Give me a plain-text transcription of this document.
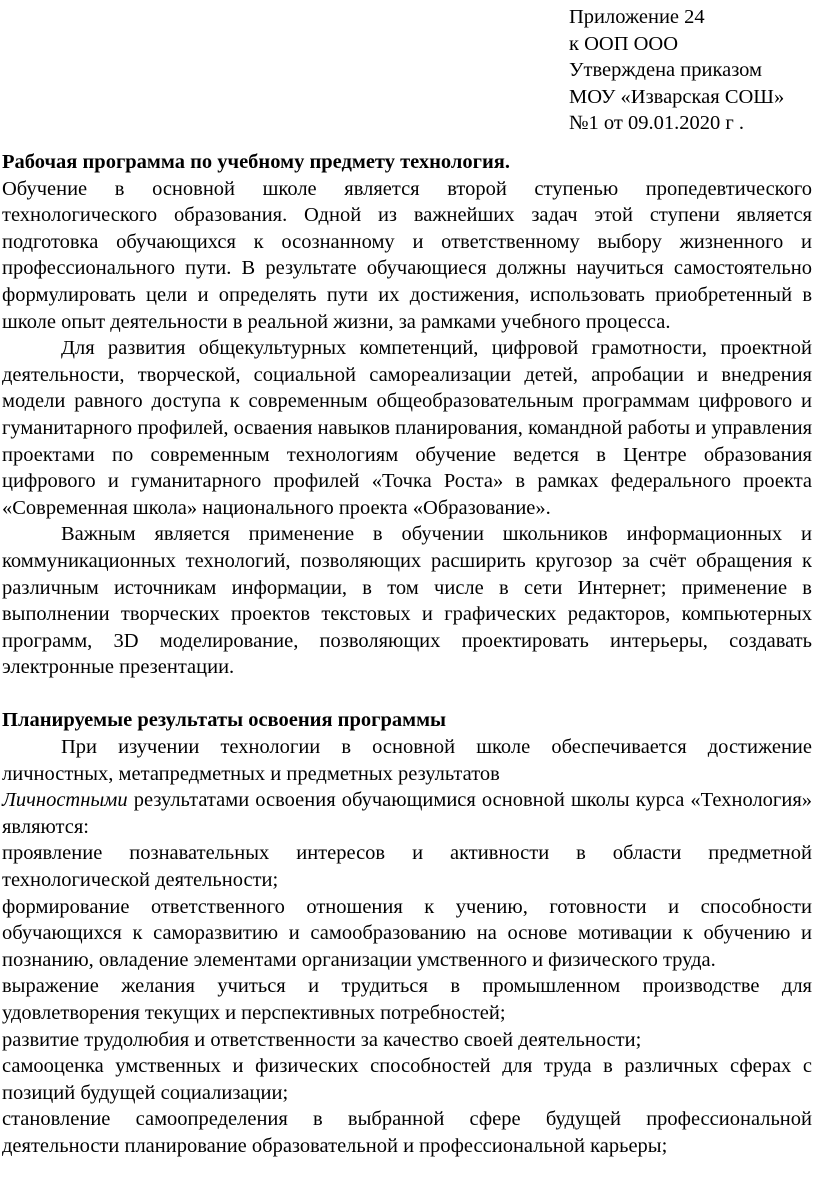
Приложение 24
к ООП ООО
Утверждена приказом
МОУ «Изварская СОШ»
№1 от 09.01.2020 г .

Рабочая программа по учебному предмету технология.

Обучение в основной школе является второй ступенью пропедевтического технологического образования. Одной из важнейших задач этой ступени является подготовка обучающихся к осознанному и ответственному выбору жизненного и профессионального пути. В результате обучающиеся должны научиться самостоятельно формулировать цели и определять пути их достижения, использовать приобретенный в школе опыт деятельности в реальной жизни, за рамками учебного процесса.

Для развития общекультурных компетенций, цифровой грамотности, проектной деятельности, творческой, социальной самореализации детей, апробации и внедрения модели равного доступа к современным общеобразовательным программам цифрового и гуманитарного профилей, осваения навыков планирования, командной работы и управления проектами по современным технологиям обучение ведется в Центре образования цифрового и гуманитарного профилей «Точка Роста» в рамках федерального проекта «Современная школа» национального проекта «Образование».

Важным является применение в обучении школьников информационных и коммуникационных технологий, позволяющих расширить кругозор за счёт обращения к различным источникам информации, в том числе в сети Интернет; применение в выполнении творческих проектов текстовых и графических редакторов, компьютерных программ, 3D моделирование, позволяющих проектировать интерьеры, создавать электронные презентации.

Планируемые результаты освоения программы

При изучении технологии в основной школе обеспечивается достижение личностных, метапредметных и предметных результатов

Личностными результатами освоения обучающимися основной школы курса «Технология» являются:

проявление познавательных интересов и активности в области предметной технологической деятельности;

формирование ответственного отношения к учению, готовности и способности обучающихся к саморазвитию и самообразованию на основе мотивации к обучению и познанию, овладение элементами организации умственного и физического труда.

выражение желания учиться и трудиться в промышленном производстве для удовлетворения текущих и перспективных потребностей;

развитие трудолюбия и ответственности за качество своей деятельности;

самооценка умственных и физических способностей для труда в различных сферах с позиций будущей социализации;

становление самоопределения в выбранной сфере будущей профессиональной деятельности планирование образовательной и профессиональной карьеры;
